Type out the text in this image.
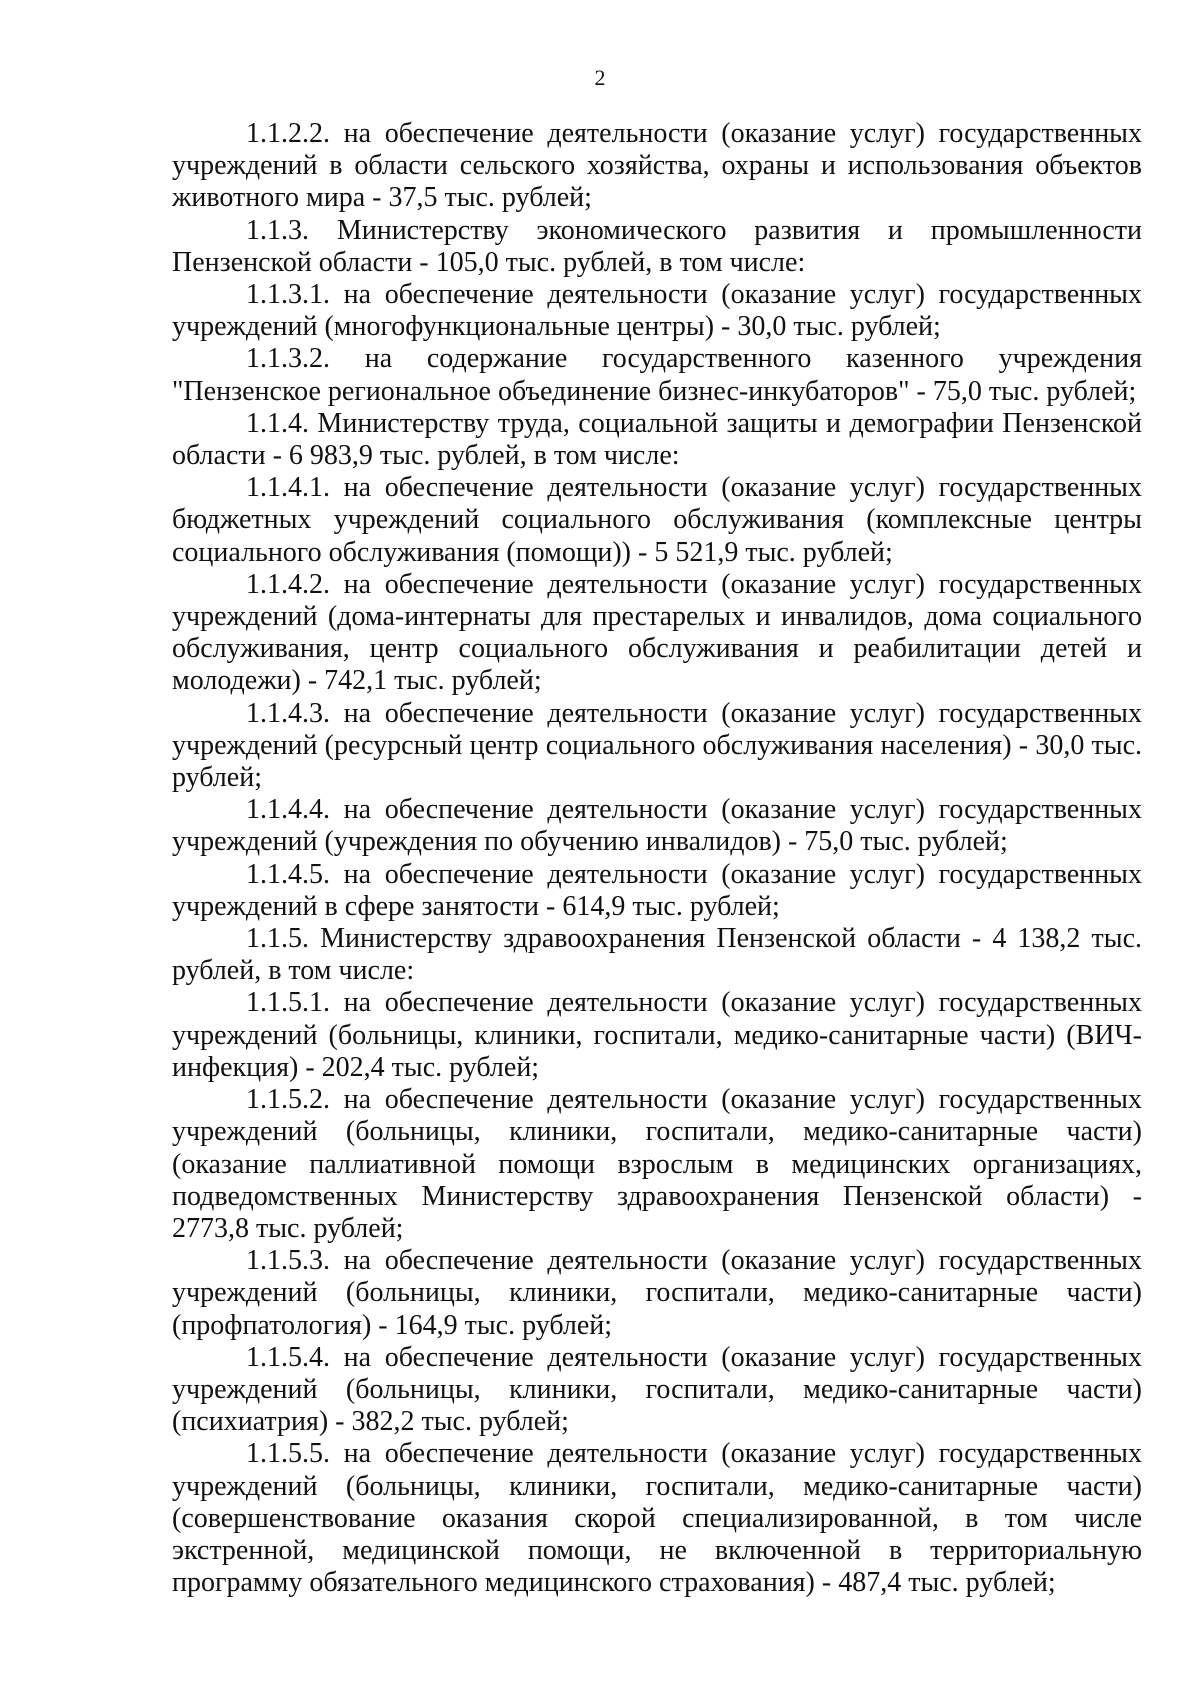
2

1.1.2.2. на обеспечение деятельности (оказание услуг) государственных учреждений в области сельского хозяйства, охраны и использования объектов животного мира - 37,5 тыс. рублей;

1.1.3. Министерству экономического развития и промышленности Пензенской области - 105,0 тыс. рублей, в том числе:

1.1.3.1. на обеспечение деятельности (оказание услуг) государственных учреждений (многофункциональные центры) - 30,0 тыс. рублей;

1.1.3.2. на содержание государственного казенного учреждения "Пензенское региональное объединение бизнес-инкубаторов" - 75,0 тыс. рублей;

1.1.4. Министерству труда, социальной защиты и демографии Пензенской области - 6 983,9 тыс. рублей, в том числе:

1.1.4.1. на обеспечение деятельности (оказание услуг) государственных бюджетных учреждений социального обслуживания (комплексные центры социального обслуживания (помощи)) - 5 521,9 тыс. рублей;

1.1.4.2. на обеспечение деятельности (оказание услуг) государственных учреждений (дома-интернаты для престарелых и инвалидов, дома социального обслуживания, центр социального обслуживания и реабилитации детей и молодежи) - 742,1 тыс. рублей;

1.1.4.3. на обеспечение деятельности (оказание услуг) государственных учреждений (ресурсный центр социального обслуживания населения) - 30,0 тыс. рублей;

1.1.4.4. на обеспечение деятельности (оказание услуг) государственных учреждений (учреждения по обучению инвалидов) - 75,0 тыс. рублей;

1.1.4.5. на обеспечение деятельности (оказание услуг) государственных учреждений в сфере занятости - 614,9 тыс. рублей;

1.1.5. Министерству здравоохранения Пензенской области - 4 138,2 тыс. рублей, в том числе:

1.1.5.1. на обеспечение деятельности (оказание услуг) государственных учреждений (больницы, клиники, госпитали, медико-санитарные части) (ВИЧ-инфекция) - 202,4 тыс. рублей;

1.1.5.2. на обеспечение деятельности (оказание услуг) государственных учреждений (больницы, клиники, госпитали, медико-санитарные части) (оказание паллиативной помощи взрослым в медицинских организациях, подведомственных Министерству здравоохранения Пензенской области) - 2773,8 тыс. рублей;

1.1.5.3. на обеспечение деятельности (оказание услуг) государственных учреждений (больницы, клиники, госпитали, медико-санитарные части) (профпатология) - 164,9 тыс. рублей;

1.1.5.4. на обеспечение деятельности (оказание услуг) государственных учреждений (больницы, клиники, госпитали, медико-санитарные части) (психиатрия) - 382,2 тыс. рублей;

1.1.5.5. на обеспечение деятельности (оказание услуг) государственных учреждений (больницы, клиники, госпитали, медико-санитарные части) (совершенствование оказания скорой специализированной, в том числе экстренной, медицинской помощи, не включенной в территориальную программу обязательного медицинского страхования) - 487,4 тыс. рублей;
